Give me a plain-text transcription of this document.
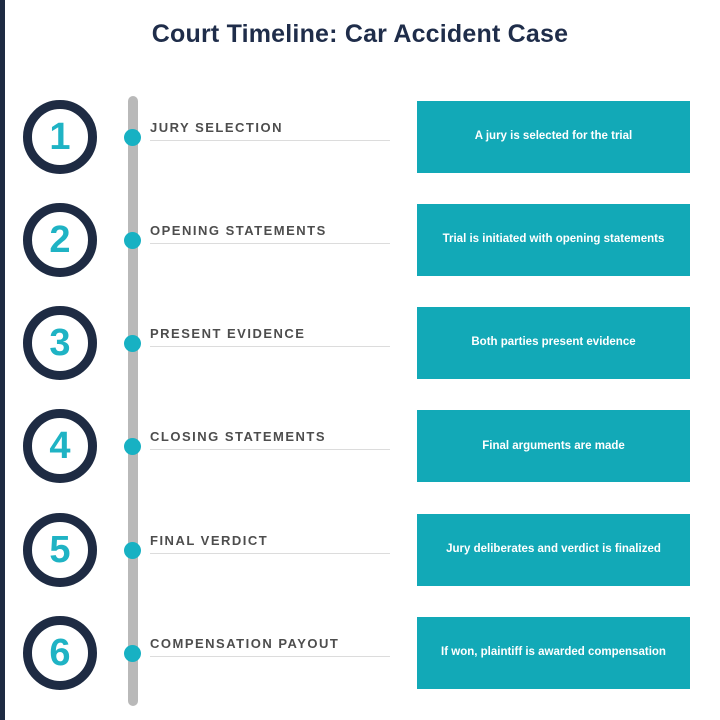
Court Timeline: Car Accident Case
1	JURY SELECTION
A jury is selected for the trial
2	OPENING STATEMENTS
Trial is initiated with opening statements
3	PRESENT EVIDENCE
Both parties present evidence
4	CLOSING STATEMENTS
Final arguments are made
5	FINAL VERDICT
Jury deliberates and verdict is finalized
6	COMPENSATION PAYOUT
If won, plaintiff is awarded compensation
